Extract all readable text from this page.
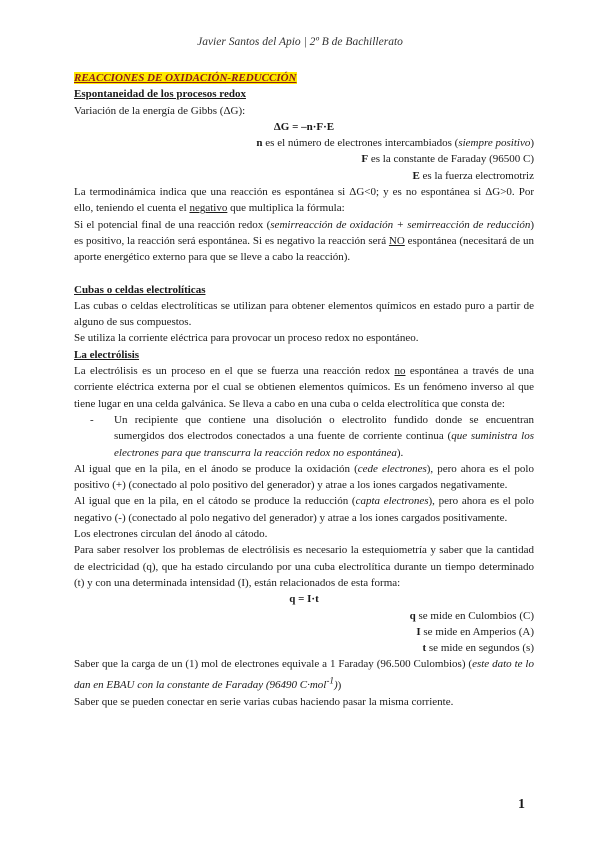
Javier Santos del Apio | 2º B de Bachillerato

REACCIONES DE OXIDACIÓN-REDUCCIÓN

Espontaneidad de los procesos redox

Variación de la energía de Gibbs (ΔG):

ΔG = –n·F·E

n es el número de electrones intercambiados (siempre positivo)

F es la constante de Faraday (96500 C)

E es la fuerza electromotriz

La termodinámica indica que una reacción es espontánea si ΔG<0; y es no espontánea si ΔG>0. Por ello, teniendo el cuenta el negativo que multiplica la fórmula:

Si el potencial final de una reacción redox (semirreacción de oxidación + semirreacción de reducción) es positivo, la reacción será espontánea. Si es negativo la reacción será NO espontánea (necesitará de un aporte energético externo para que se lleve a cabo la reacción).

Cubas o celdas electrolíticas

Las cubas o celdas electrolíticas se utilizan para obtener elementos químicos en estado puro a partir de alguno de sus compuestos.

Se utiliza la corriente eléctrica para provocar un proceso redox no espontáneo.

La electrólisis

La electrólisis es un proceso en el que se fuerza una reacción redox no espontánea a través de una corriente eléctrica externa por el cual se obtienen elementos químicos. Es un fenómeno inverso al que tiene lugar en una celda galvánica. Se lleva a cabo en una cuba o celda electrolítica que consta de:

-	Un recipiente que contiene una disolución o electrolito fundido donde se encuentran sumergidos dos electrodos conectados a una fuente de corriente continua (que suministra los electrones para que transcurra la reacción redox no espontánea).

Al igual que en la pila, en el ánodo se produce la oxidación (cede electrones), pero ahora es el polo positivo (+) (conectado al polo positivo del generador) y atrae a los iones cargados negativamente.

Al igual que en la pila, en el cátodo se produce la reducción (capta electrones), pero ahora es el polo negativo (-) (conectado al polo negativo del generador) y atrae a los iones cargados positivamente.

Los electrones circulan del ánodo al cátodo.

Para saber resolver los problemas de electrólisis es necesario la estequiometría y saber que la cantidad de electricidad (q), que ha estado circulando por una cuba electrolítica durante un tiempo determinado (t) y con una determinada intensidad (I), están relacionados de esta forma:

q = I·t

q se mide en Culombios (C)

I se mide en Amperios (A)

t se mide en segundos (s)

Saber que la carga de un (1) mol de electrones equivale a 1 Faraday (96.500 Culombios) (este dato te lo dan en EBAU con la constante de Faraday (96490 C·mol$^{-1}$))

Saber que se pueden conectar en serie varias cubas haciendo pasar la misma corriente.

1
